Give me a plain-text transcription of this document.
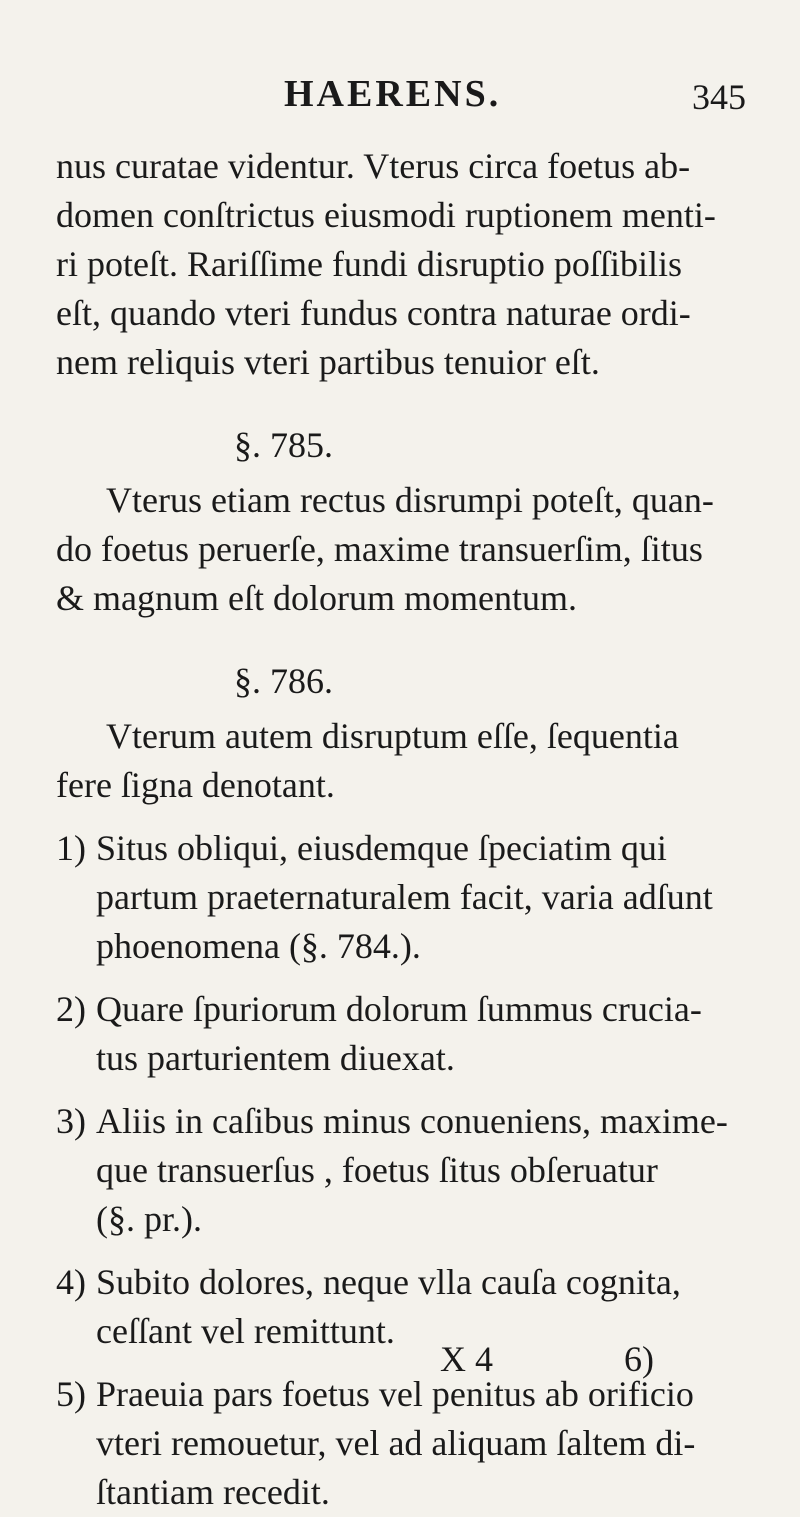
HAERENS.	345

nus curatae videntur. Vterus circa foetus ab-

domen conſtrictus eiusmodi ruptionem menti-

ri poteſt. Rariſſime fundi disruptio poſſibilis

eſt, quando vteri fundus contra naturae ordi-

nem reliquis vteri partibus tenuior eſt.

§. 785.

Vterus etiam rectus disrumpi poteſt, quan-

do foetus peruerſe, maxime transuerſim, ſitus

& magnum eſt dolorum momentum.

§. 786.

Vterum autem disruptum eſſe, ſequentia

fere ſigna denotant.

1) Situs obliqui, eiusdemque ſpeciatim qui

partum praeternaturalem facit, varia adſunt

phoenomena (§. 784.).

2) Quare ſpuriorum dolorum ſummus crucia-

tus parturientem diuexat.

3) Aliis in caſibus minus conueniens, maxime-

que transuerſus , foetus ſitus obſeruatur

(§. pr.).

4) Subito dolores, neque vlla cauſa cognita,

ceſſant vel remittunt.

5) Praeuia pars foetus vel penitus ab orificio

vteri remouetur, vel ad aliquam ſaltem di-

ſtantiam recedit.

X 4	6)
